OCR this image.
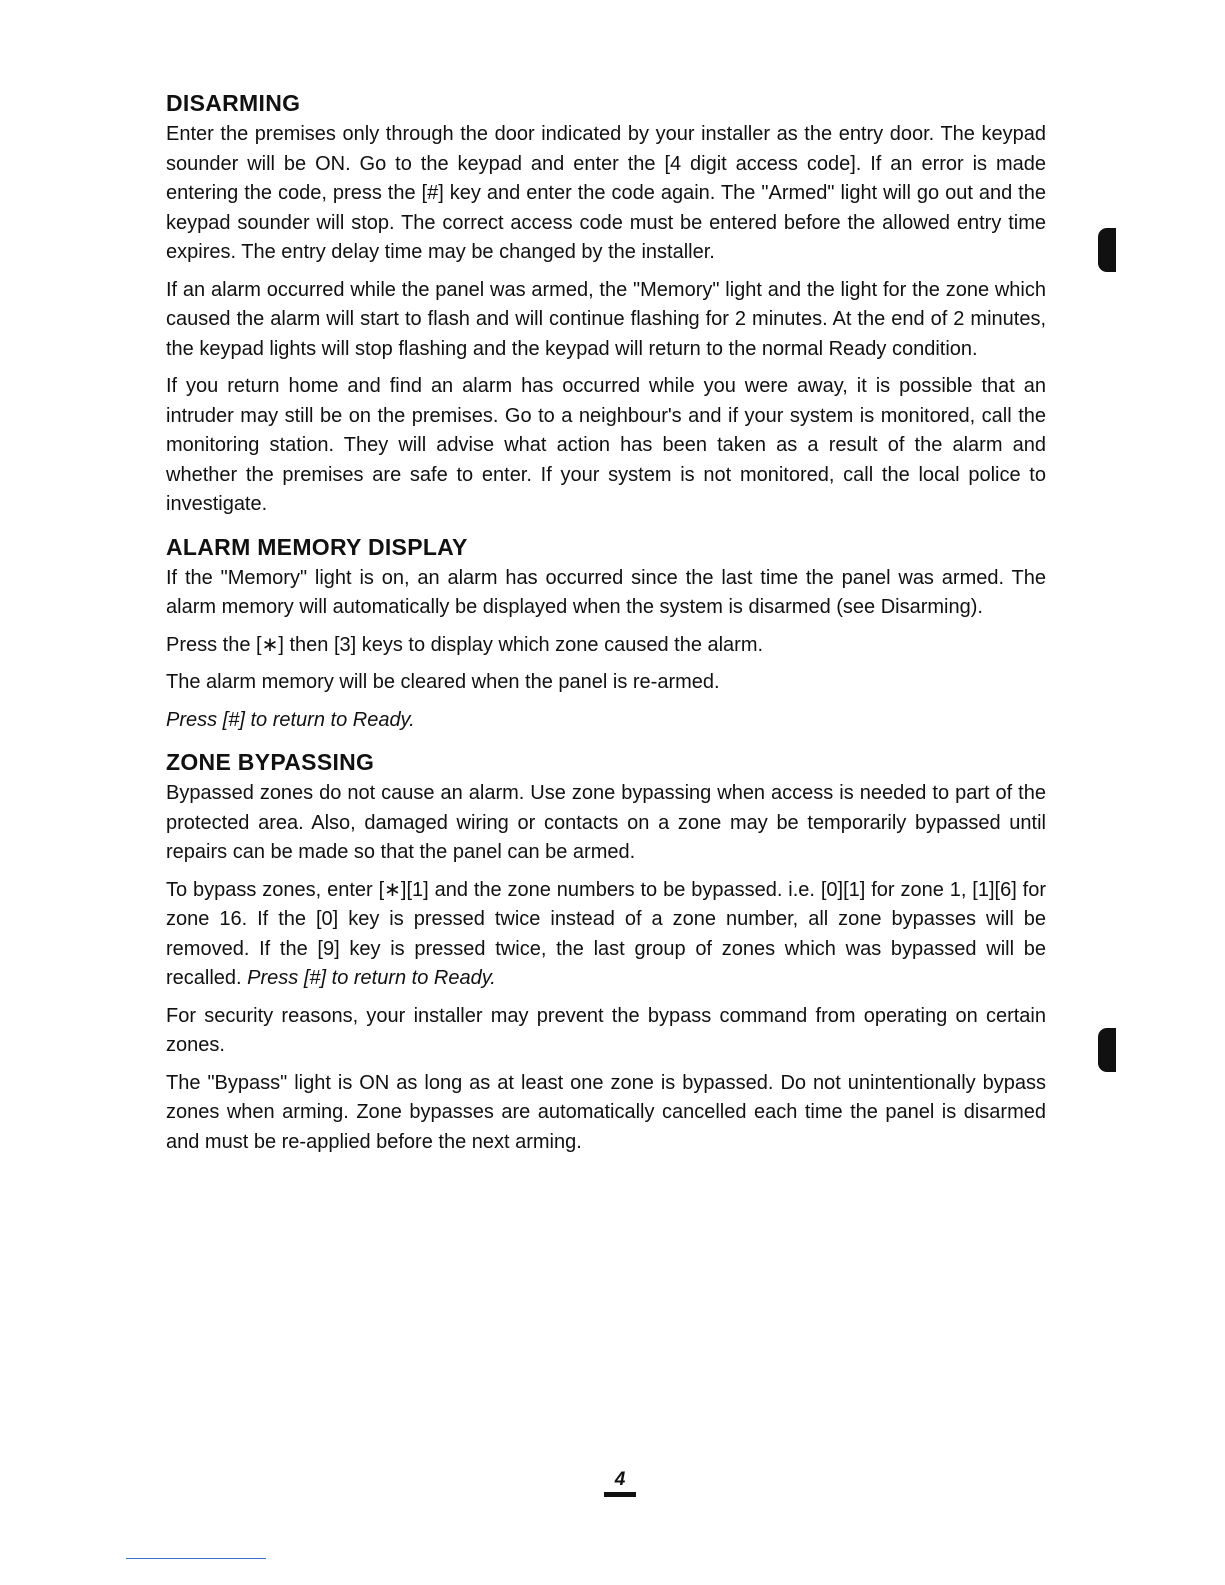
DISARMING

Enter the premises only through the door indicated by your installer as the entry door. The keypad sounder will be ON. Go to the keypad and enter the [4 digit access code]. If an error is made entering the code, press the [#] key and enter the code again. The "Armed" light will go out and the keypad sounder will stop. The correct access code must be entered before the allowed entry time expires. The entry delay time may be changed by the installer.

If an alarm occurred while the panel was armed, the "Memory" light and the light for the zone which caused the alarm will start to flash and will continue flashing for 2 minutes. At the end of 2 minutes, the keypad lights will stop flashing and the keypad will return to the normal Ready condition.

If you return home and find an alarm has occurred while you were away, it is possible that an intruder may still be on the premises. Go to a neighbour's and if your system is monitored, call the monitoring station. They will advise what action has been taken as a result of the alarm and whether the premises are safe to enter. If your system is not monitored, call the local police to investigate.

ALARM MEMORY DISPLAY

If the "Memory" light is on, an alarm has occurred since the last time the panel was armed. The alarm memory will automatically be displayed when the system is disarmed (see Disarming).

Press the [∗] then [3] keys to display which zone caused the alarm.

The alarm memory will be cleared when the panel is re-armed.

Press [#] to return to Ready.

ZONE BYPASSING

Bypassed zones do not cause an alarm. Use zone bypassing when access is needed to part of the protected area. Also, damaged wiring or contacts on a zone may be temporarily bypassed until repairs can be made so that the panel can be armed.

To bypass zones, enter [∗][1] and the zone numbers to be bypassed. i.e. [0][1] for zone 1, [1][6] for zone 16. If the [0] key is pressed twice instead of a zone number, all zone bypasses will be removed. If the [9] key is pressed twice, the last group of zones which was bypassed will be recalled. Press [#] to return to Ready.

For security reasons, your installer may prevent the bypass command from operating on certain zones.

The "Bypass" light is ON as long as at least one zone is bypassed. Do not unintentionally bypass zones when arming. Zone bypasses are automatically cancelled each time the panel is disarmed and must be re-applied before the next arming.

4
